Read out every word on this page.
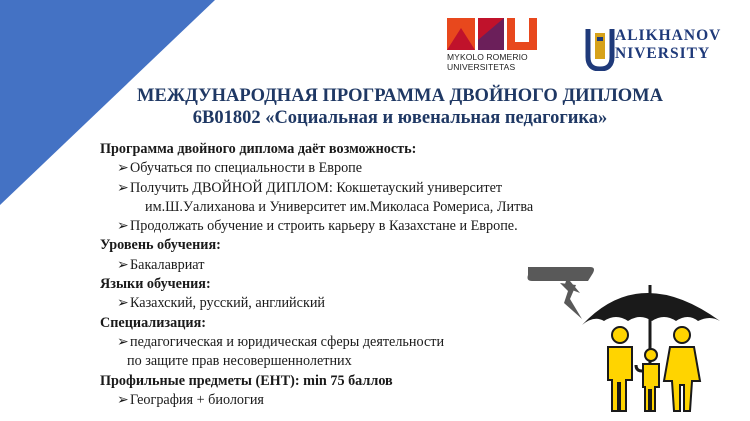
MYKOLO ROMERIO
UNIVERSITETAS
ALIKHANOV
NIVERSITY
МЕЖДУНАРОДНАЯ ПРОГРАММА ДВОЙНОГО ДИПЛОМА
6В01802 «Социальная и ювенальная педагогика»
Программа двойного диплома даёт возможность:
➢ Обучаться по специальности в Европе
➢ Получить ДВОЙНОЙ ДИПЛОМ: Кокшетауский университет
им.Ш.Уалиханова и Университет им.Миколаса Ромериса, Литва
➢ Продолжать обучение и строить карьеру в Казахстане и Европе.
Уровень обучения:
➢ Бакалавриат
Языки обучения:
➢ Казахский, русский, английский
Специализация:
➢ педагогическая и юридическая сферы деятельности
по защите прав несовершеннолетних
Профильные предметы (ЕНТ): min 75 баллов
➢ География + биология
